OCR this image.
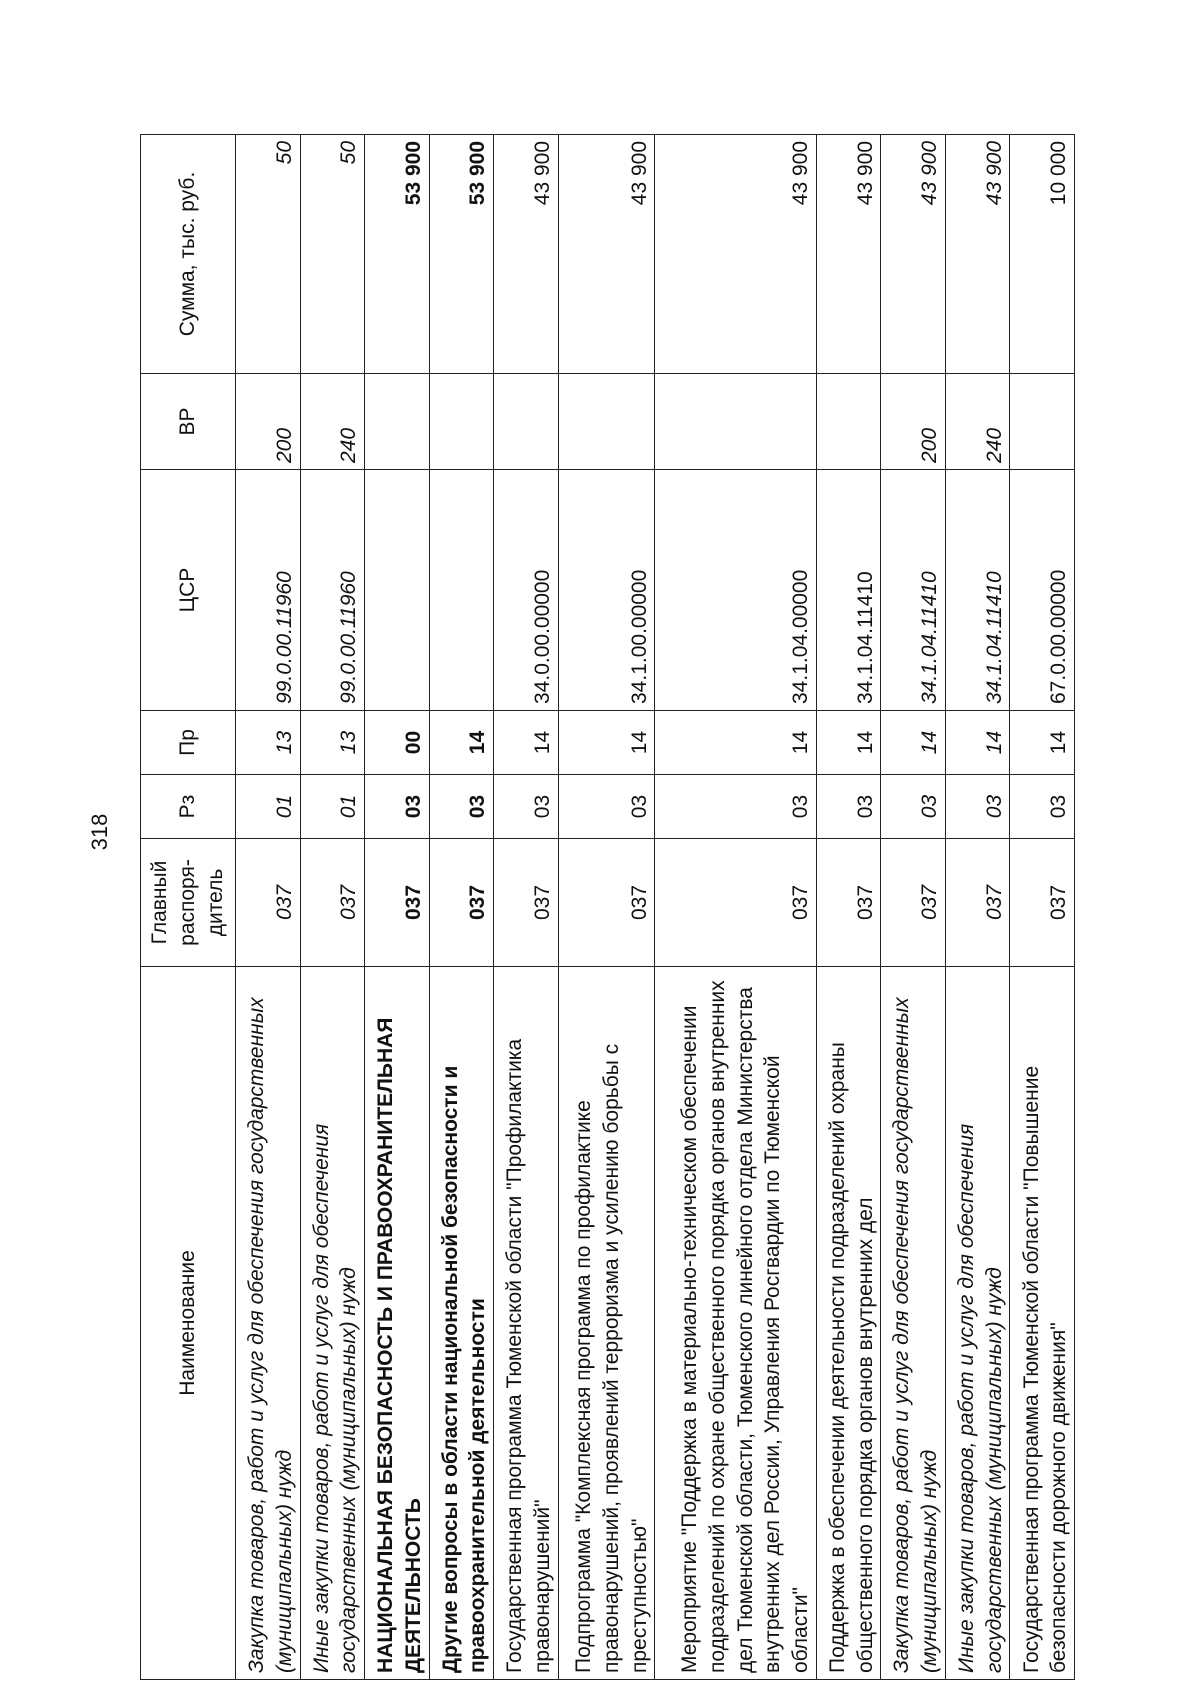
318
Наименование	Главный распоря-дитель	Рз	Пр	ЦСР	ВР	Сумма, тыс. руб.
Закупка товаров, работ и услуг для обеспечения государственных (муниципальных) нужд	037	01	13	99.0.00.11960	200	50
Иные закупки товаров, работ и услуг для обеспечения государственных (муниципальных) нужд	037	01	13	99.0.00.11960	240	50
НАЦИОНАЛЬНАЯ БЕЗОПАСНОСТЬ И ПРАВООХРАНИТЕЛЬНАЯ ДЕЯТЕЛЬНОСТЬ	037	03	00			53 900
Другие вопросы в области национальной безопасности и правоохранительной деятельности	037	03	14			53 900
Государственная программа Тюменской области "Профилактика правонарушений"	037	03	14	34.0.00.00000		43 900
Подпрограмма "Комплексная программа по профилактике правонарушений, проявлений терроризма и усилению борьбы с преступностью"	037	03	14	34.1.00.00000		43 900
Мероприятие "Поддержка в материально-техническом обеспечении подразделений по охране общественного порядка органов внутренних дел Тюменской области, Тюменского линейного отдела Министерства внутренних дел России, Управления Росгвардии по Тюменской области"	037	03	14	34.1.04.00000		43 900
Поддержка в обеспечении деятельности подразделений охраны общественного порядка органов внутренних дел	037	03	14	34.1.04.11410		43 900
Закупка товаров, работ и услуг для обеспечения государственных (муниципальных) нужд	037	03	14	34.1.04.11410	200	43 900
Иные закупки товаров, работ и услуг для обеспечения государственных (муниципальных) нужд	037	03	14	34.1.04.11410	240	43 900
Государственная программа Тюменской области "Повышение безопасности дорожного движения"	037	03	14	67.0.00.00000		10 000
